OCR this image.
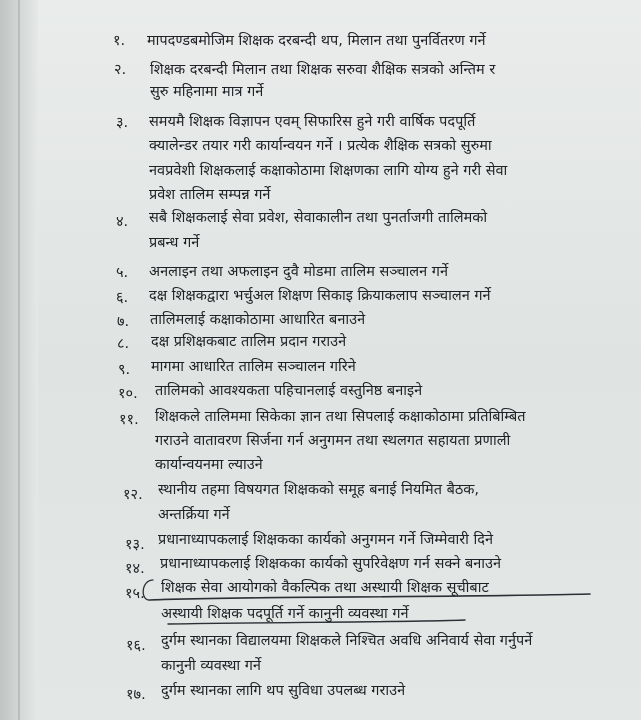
१. मापदण्डबमोजिम शिक्षक दरबन्दी थप, मिलान तथा पुनर्वितरण गर्ने
२. शिक्षक दरबन्दी मिलान तथा शिक्षक सरुवा शैक्षिक सत्रको अन्तिम र
सुरु महिनामा मात्र गर्ने
३. समयमै शिक्षक विज्ञापन एवम् सिफारिस हुने गरी वार्षिक पदपूर्ति
क्यालेन्डर तयार गरी कार्यान्वयन गर्ने । प्रत्येक शैक्षिक सत्रको सुरुमा
नवप्रवेशी शिक्षकलाई कक्षाकोठामा शिक्षणका लागि योग्य हुने गरी सेवा
प्रवेश तालिम सम्पन्न गर्ने
४. सबै शिक्षकलाई सेवा प्रवेश, सेवाकालीन तथा पुनर्ताजगी तालिमको
प्रबन्ध गर्ने
५. अनलाइन तथा अफलाइन दुवै मोडमा तालिम सञ्चालन गर्ने
६. दक्ष शिक्षकद्वारा भर्चुअल शिक्षण सिकाइ क्रियाकलाप सञ्चालन गर्ने
७. तालिमलाई कक्षाकोठामा आधारित बनाउने
८. दक्ष प्रशिक्षकबाट तालिम प्रदान गराउने
९. मागमा आधारित तालिम सञ्चालन गरिने
१०. तालिमको आवश्यकता पहिचानलाई वस्तुनिष्ठ बनाइने
११. शिक्षकले तालिममा सिकेका ज्ञान तथा सिपलाई कक्षाकोठामा प्रतिबिम्बित
गराउने वातावरण सिर्जना गर्न अनुगमन तथा स्थलगत सहायता प्रणाली
कार्यान्वयनमा ल्याउने
१२. स्थानीय तहमा विषयगत शिक्षकको समूह बनाई नियमित बैठक,
अन्तर्क्रिया गर्ने
१३. प्रधानाध्यापकलाई शिक्षकका कार्यको अनुगमन गर्ने जिम्मेवारी दिने
१४. प्रधानाध्यापकलाई शिक्षकका कार्यको सुपरिवेक्षण गर्न सक्ने बनाउने
१५. शिक्षक सेवा आयोगको वैकल्पिक तथा अस्थायी शिक्षक सूचीबाट
अस्थायी शिक्षक पदपूर्ति गर्ने कानुनी व्यवस्था गर्ने
१६. दुर्गम स्थानका विद्यालयमा शिक्षकले निश्चित अवधि अनिवार्य सेवा गर्नुपर्ने
कानुनी व्यवस्था गर्ने
१७. दुर्गम स्थानका लागि थप सुविधा उपलब्ध गराउने
